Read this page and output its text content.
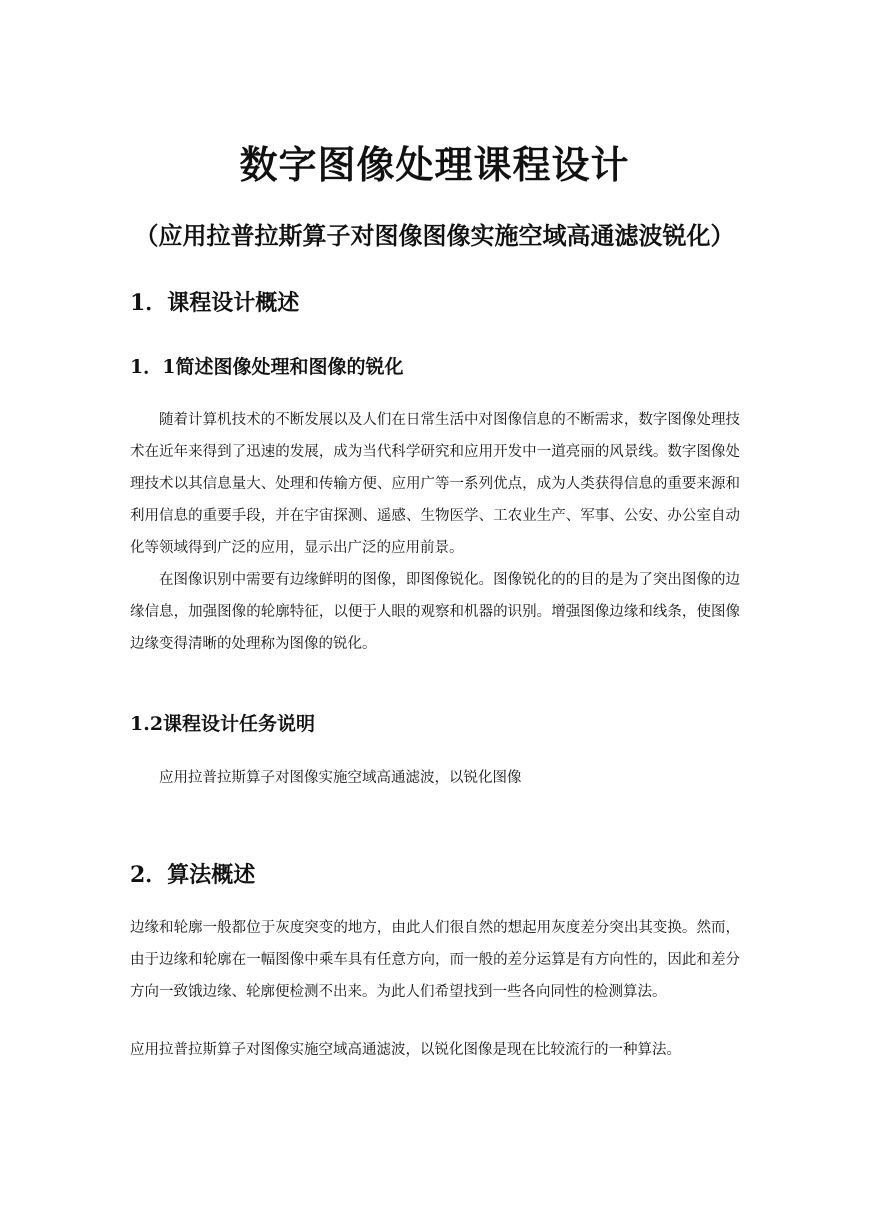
数字图像处理课程设计
（应用拉普拉斯算子对图像图像实施空域高通滤波锐化）
1．课程设计概述
1．1简述图像处理和图像的锐化

随着计算机技术的不断发展以及人们在日常生活中对图像信息的不断需求，数字图像处理技术在近年来得到了迅速的发展，成为当代科学研究和应用开发中一道亮丽的风景线。数字图像处理技术以其信息量大、处理和传输方便、应用广等一系列优点，成为人类获得信息的重要来源和利用信息的重要手段，并在宇宙探测、遥感、生物医学、工农业生产、军事、公安、办公室自动化等领域得到广泛的应用，显示出广泛的应用前景。

在图像识别中需要有边缘鲜明的图像，即图像锐化。图像锐化的的目的是为了突出图像的边缘信息，加强图像的轮廓特征，以便于人眼的观察和机器的识别。增强图像边缘和线条，使图像边缘变得清晰的处理称为图像的锐化。

1.2课程设计任务说明

应用拉普拉斯算子对图像实施空域高通滤波，以锐化图像

2．算法概述

边缘和轮廓一般都位于灰度突变的地方，由此人们很自然的想起用灰度差分突出其变换。然而，由于边缘和轮廓在一幅图像中乘车具有任意方向，而一般的差分运算是有方向性的，因此和差分方向一致饿边缘、轮廓便检测不出来。为此人们希望找到一些各向同性的检测算法。

应用拉普拉斯算子对图像实施空域高通滤波，以锐化图像是现在比较流行的一种算法。
